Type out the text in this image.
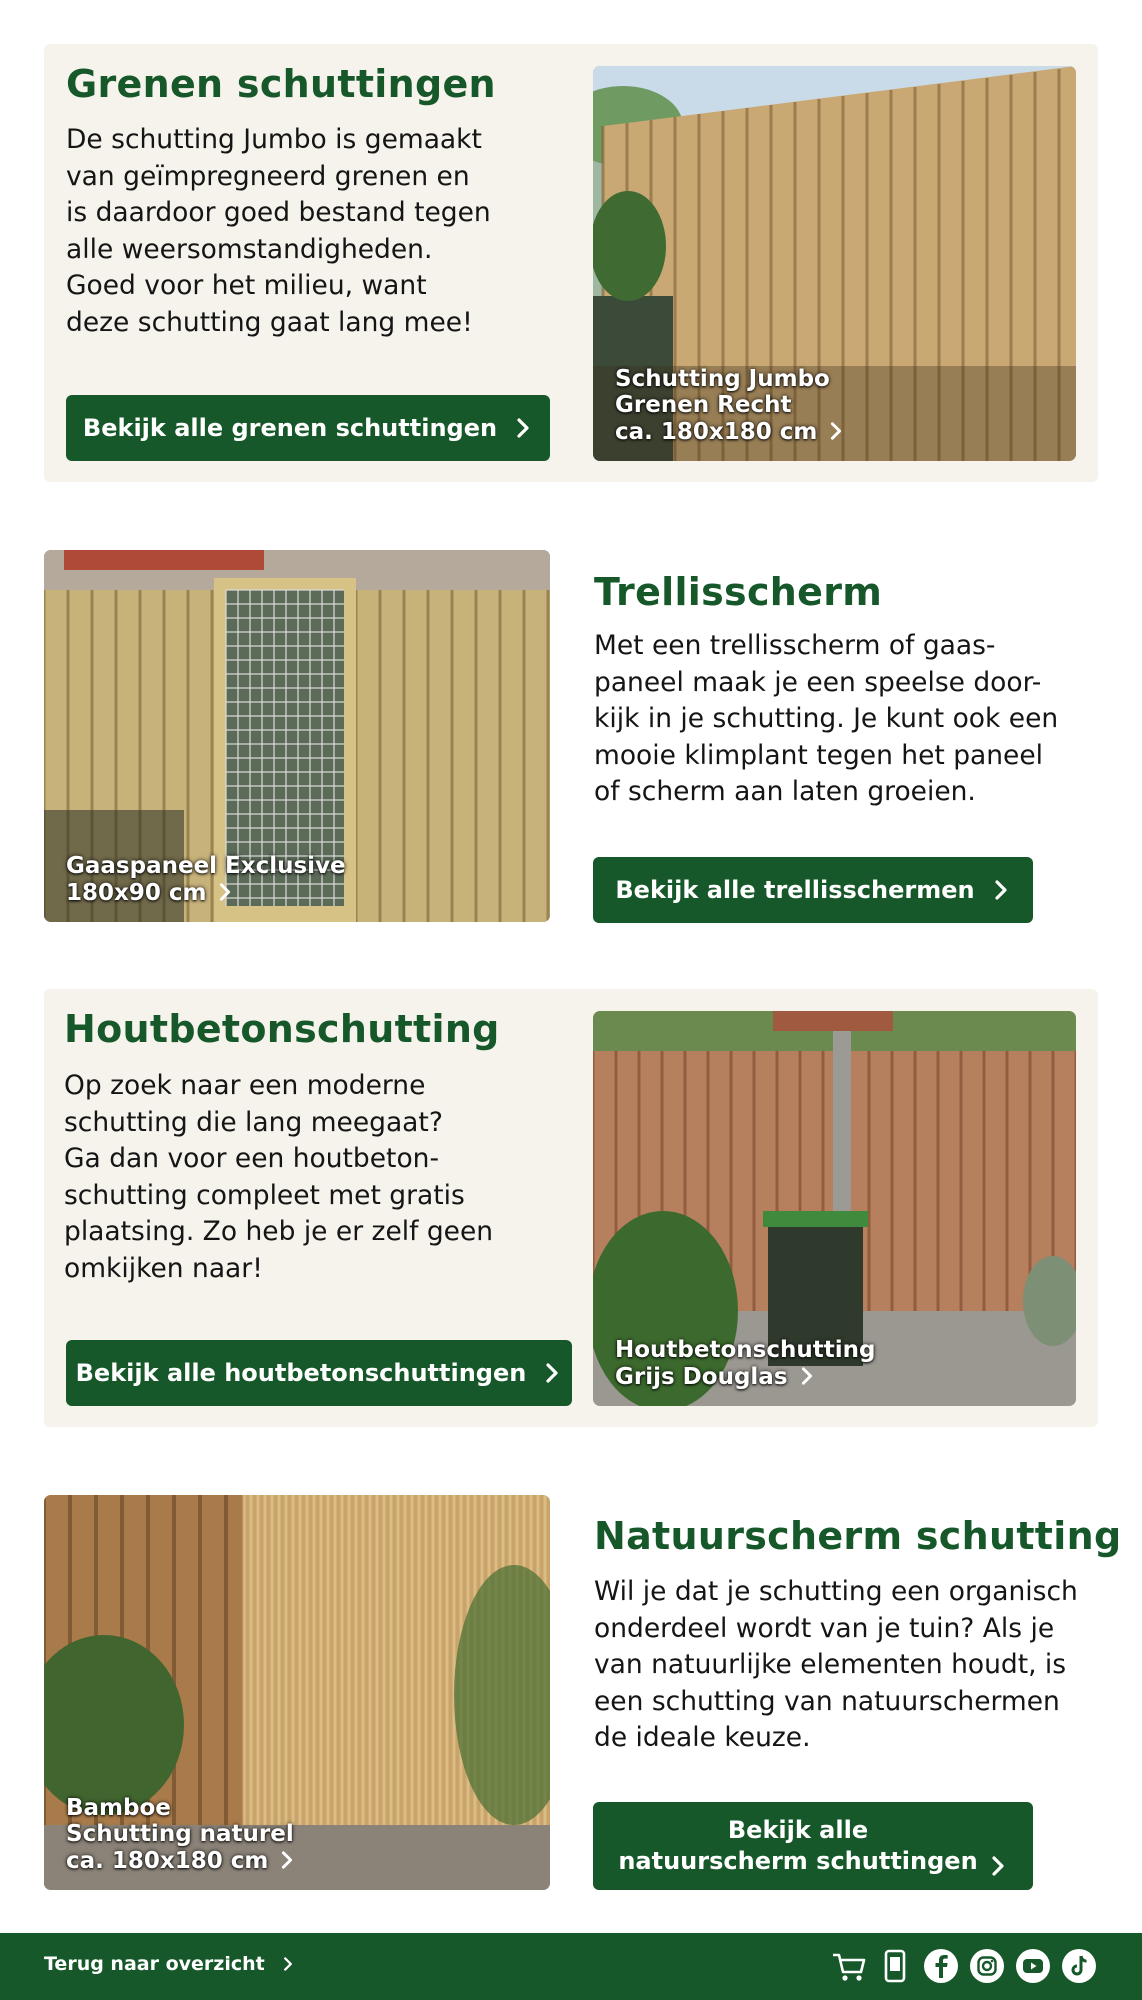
Grenen schuttingen

De schutting Jumbo is gemaakt
van geïmpregneerd grenen en
is daardoor goed bestand tegen
alle weersomstandigheden.
Goed voor het milieu, want
deze schutting gaat lang mee!

Bekijk alle grenen schuttingen
Schutting Jumbo
Grenen Recht
ca. 180x180 cm
Gaaspaneel Exclusive
180x90 cm
Trellisscherm

Met een trellisscherm of gaas-
paneel maak je een speelse door-
kijk in je schutting. Je kunt ook een
mooie klimplant tegen het paneel
of scherm aan laten groeien.

Bekijk alle trellisschermen
Houtbetonschutting

Op zoek naar een moderne
schutting die lang meegaat?
Ga dan voor een houtbeton-
schutting compleet met gratis
plaatsing. Zo heb je er zelf geen
omkijken naar!

Bekijk alle houtbetonschuttingen
Houtbetonschutting
Grijs Douglas
Bamboe
Schutting naturel
ca. 180x180 cm
Natuurscherm schutting

Wil je dat je schutting een organisch
onderdeel wordt van je tuin? Als je
van natuurlijke elementen houdt, is
een schutting van natuurschermen
de ideale keuze.

Bekijk alle
natuurscherm schuttingen
Terug naar overzicht
